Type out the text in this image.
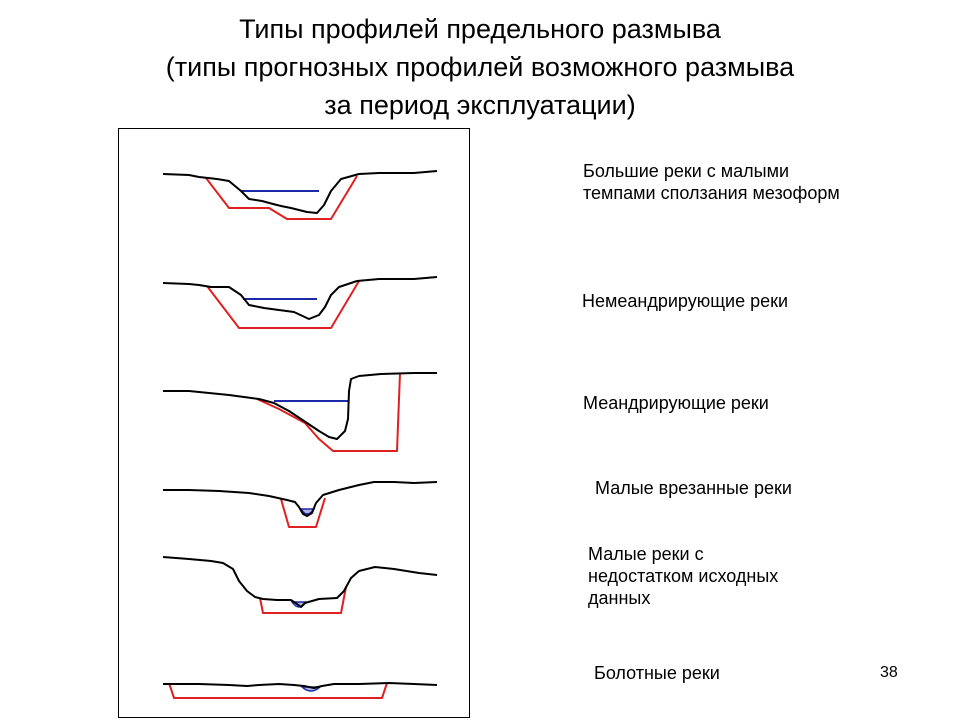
Типы профилей предельного размыва
(типы прогнозных профилей возможного размыва
за период эксплуатации)
Большие реки с малыми
темпами сползания мезоформ
Немеандрирующие реки
Меандрирующие реки
Малые врезанные реки
Малые реки с
недостатком исходных
данных
Болотные реки	38
